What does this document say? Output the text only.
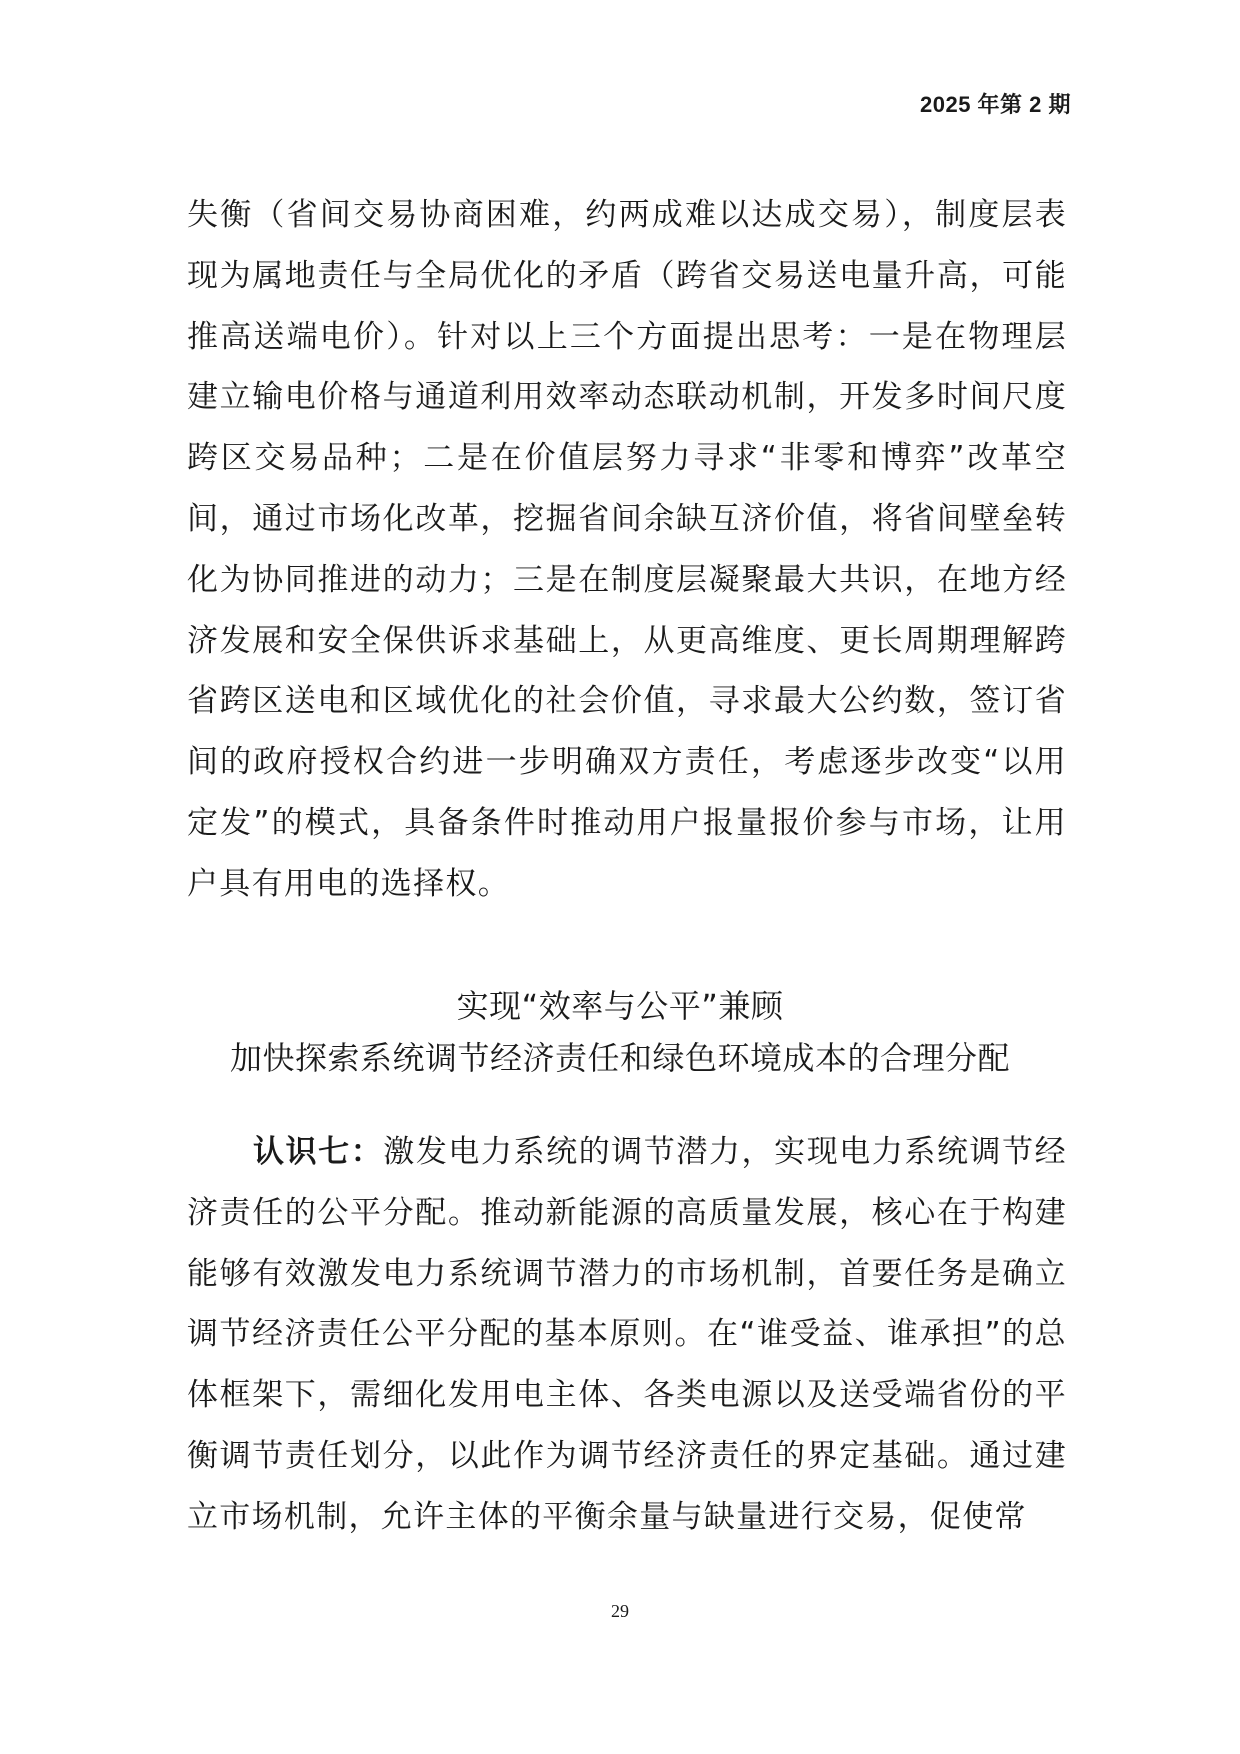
2025 年第 2 期

失衡（省间交易协商困难，约两成难以达成交易），制度层表现为属地责任与全局优化的矛盾（跨省交易送电量升高，可能推高送端电价）。针对以上三个方面提出思考：一是在物理层建立输电价格与通道利用效率动态联动机制，开发多时间尺度跨区交易品种；二是在价值层努力寻求“非零和博弈”改革空间，通过市场化改革，挖掘省间余缺互济价值，将省间壁垒转化为协同推进的动力；三是在制度层凝聚最大共识，在地方经济发展和安全保供诉求基础上，从更高维度、更长周期理解跨省跨区送电和区域优化的社会价值，寻求最大公约数，签订省间的政府授权合约进一步明确双方责任，考虑逐步改变“以用定发”的模式，具备条件时推动用户报量报价参与市场，让用户具有用电的选择权。

实现“效率与公平”兼顾
加快探索系统调节经济责任和绿色环境成本的合理分配

认识七：激发电力系统的调节潜力，实现电力系统调节经济责任的公平分配。推动新能源的高质量发展，核心在于构建能够有效激发电力系统调节潜力的市场机制，首要任务是确立调节经济责任公平分配的基本原则。在“谁受益、谁承担”的总体框架下，需细化发用电主体、各类电源以及送受端省份的平衡调节责任划分，以此作为调节经济责任的界定基础。通过建立市场机制，允许主体的平衡余量与缺量进行交易，促使常

29
